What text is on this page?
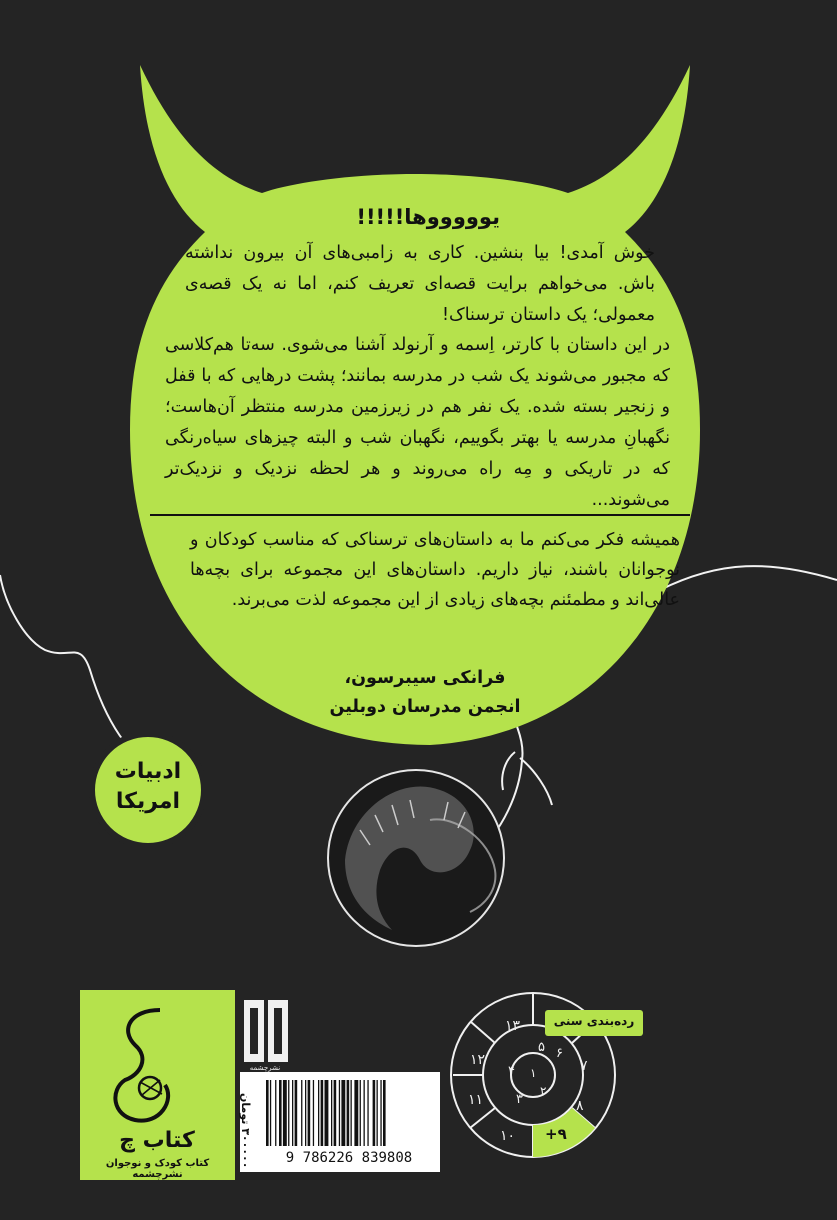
یوووووها!!!!!
خوش آمدی! بیا بنشین. کاری به زامبی‌های آن بیرون نداشته باش. می‌خواهم برایت قصه‌ای تعریف کنم، اما نه یک قصه‌ی معمولی؛ یک داستان ترسناک!
در این داستان با کارتر، اِسمه و آرنولد آشنا می‌شوی. سه‌تا هم‌کلاسی که مجبور می‌شوند یک شب در مدرسه بمانند؛ پشت درهایی که با قفل و زنجیر بسته شده. یک نفر هم در زیرزمین مدرسه منتظر آن‌هاست؛ نگهبانِ مدرسه یا بهتر بگوییم، نگهبان شب و البته چیزهای سیاه‌رنگی که در تاریکی و مِه راه می‌روند و هر لحظه نزدیک و نزدیک‌تر می‌شوند...
همیشه فکر می‌کنم ما به داستان‌های ترسناکی که مناسب کودکان و نوجوانان باشند، نیاز داریم. داستان‌های این مجموعه برای بچه‌ها عالی‌اند و مطمئنم بچه‌های زیادی از این مجموعه لذت می‌برند.
فرانکی سیبرسون،
انجمن مدرسان دوبلین
ادبیات
امریکا
رده‌بندی سنی
۱۳
۱۲
۱۱
۱۰ ۹+
۸
۷
۶
۵
۴
۳
۲
۱
کتاب چ
کتاب کودک و نوجوان نشرچشمه
نشرچشمه
۳۰۰۰۰۰ تومان	9 786226 839808
